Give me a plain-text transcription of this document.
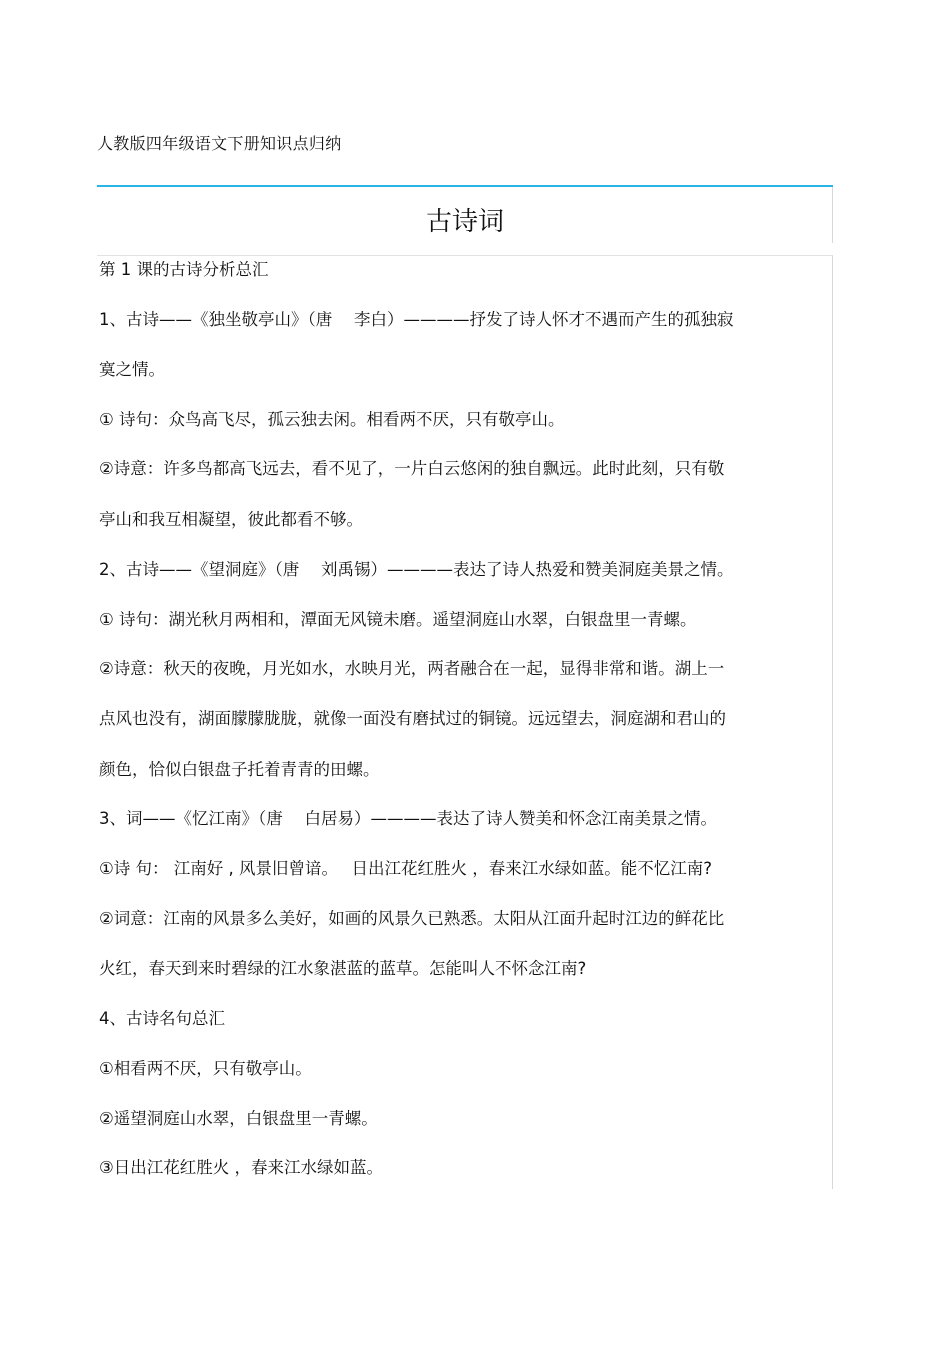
人教版四年级语文下册知识点归纳
古诗词
第 1 课的古诗分析总汇
1、古诗——《独坐敬亭山》（唐　 李白）————抒发了诗人怀才不遇而产生的孤独寂
寞之情。
① 诗句：众鸟高飞尽，孤云独去闲。相看两不厌，只有敬亭山。
②诗意：许多鸟都高飞远去，看不见了，一片白云悠闲的独自飘远。此时此刻，只有敬
亭山和我互相凝望，彼此都看不够。
2、古诗——《望洞庭》（唐　 刘禹锡）————表达了诗人热爱和赞美洞庭美景之情。
① 诗句：湖光秋月两相和，潭面无风镜未磨。遥望洞庭山水翠，白银盘里一青螺。
②诗意：秋天的夜晚，月光如水，水映月光，两者融合在一起，显得非常和谐。湖上一
点风也没有，湖面朦朦胧胧，就像一面没有磨拭过的铜镜。远远望去，洞庭湖和君山的
颜色，恰似白银盘子托着青青的田螺。
3、词——《忆江南》（唐　 白居易）————表达了诗人赞美和怀念江南美景之情。
①诗 句： 江南好 , 风景旧曾谙。　 日出江花红胜火 ，春来江水绿如蓝。能不忆江南?
②词意：江南的风景多么美好，如画的风景久已熟悉。太阳从江面升起时江边的鲜花比
火红，春天到来时碧绿的江水象湛蓝的蓝草。怎能叫人不怀念江南?
4、古诗名句总汇
①相看两不厌，只有敬亭山。
②遥望洞庭山水翠，白银盘里一青螺。
③日出江花红胜火 ，春来江水绿如蓝。
